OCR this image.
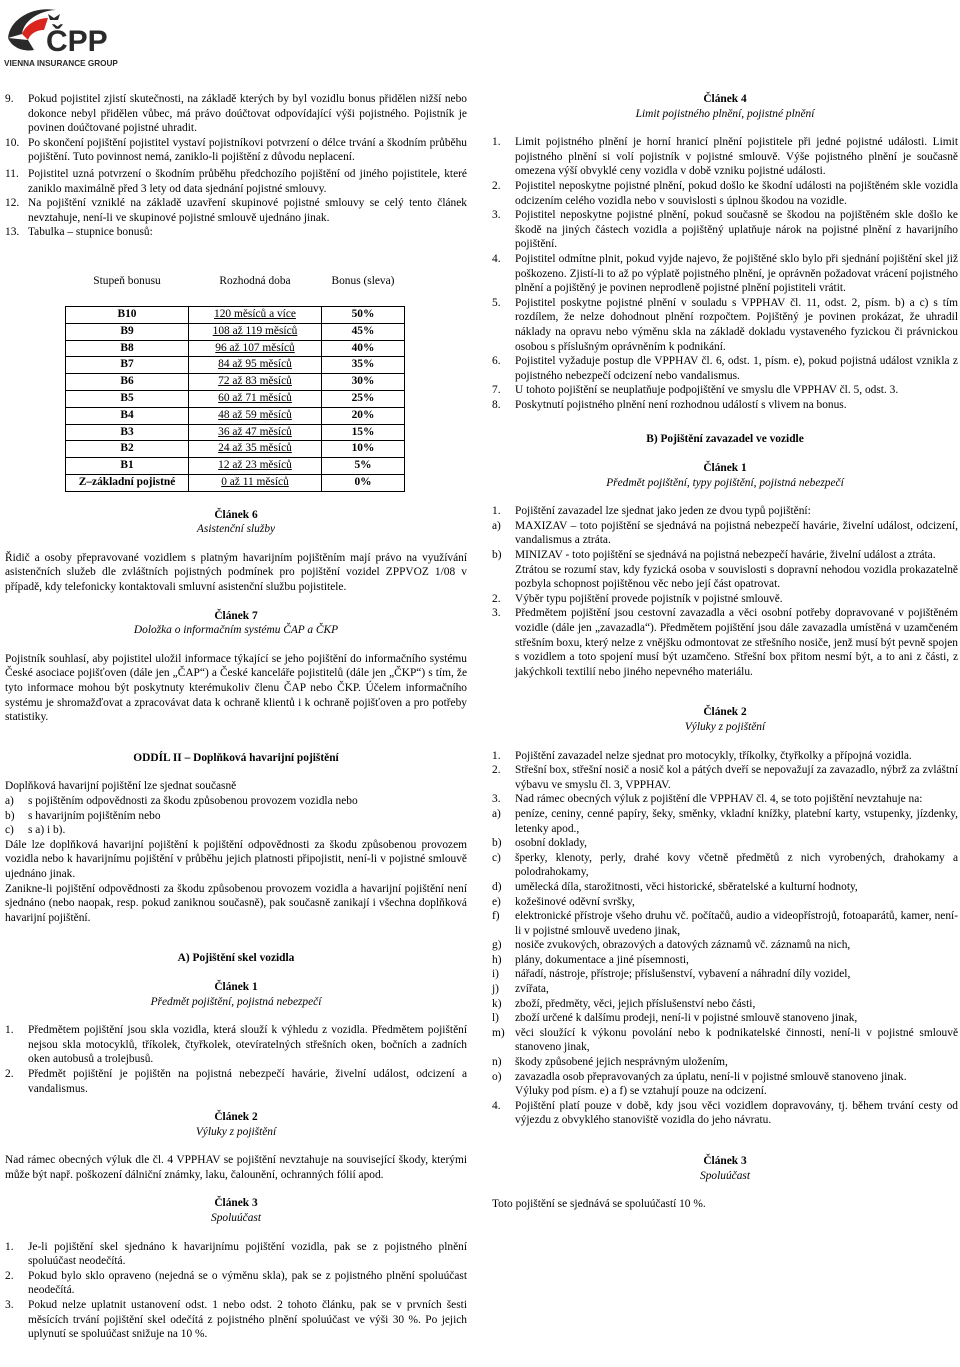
ČPP
VIENNA INSURANCE GROUP
9.	Pokud pojistitel zjistí skutečnosti, na základě kterých by byl vozidlu bonus přidělen nižší nebo dokonce nebyl přidělen vůbec, má právo doúčtovat odpovídající výši pojistného. Pojistník je povinen doúčtované pojistné uhradit.
10. Po skončení pojištění pojistitel vystaví pojistníkovi potvrzení o délce trvání a škodním průběhu pojištění. Tuto povinnost nemá, zaniklo-li pojištění z důvodu neplacení.
11. Pojistitel uzná potvrzení o škodním průběhu předchozího pojištění od jiného pojistitele, které zaniklo maximálně před 3 lety od data sjednání pojistné smlouvy.
12. Na pojištění vzniklé na základě uzavření skupinové pojistné smlouvy se celý tento článek nevztahuje, není-li ve skupinové pojistné smlouvě ujednáno jinak.
13. Tabulka – stupnice bonusů:
Stupeň bonusu	Rozhodná doba	Bonus (sleva)
B10	120 měsíců a více	50%
B9	108 až 119 měsíců	45%
B8	96 až 107 měsíců	40%
B7	84 až 95 měsíců	35%
B6	72 až 83 měsíců	30%
B5	60 až 71 měsíců	25%
B4	48 až 59 měsíců	20%
B3	36 až 47 měsíců	15%
B2	24 až 35 měsíců	10%
B1	12 až 23 měsíců	5%
Z–základní pojistné	0 až 11 měsíců	0%

Článek 6

Asistenční služby

Řidič a osoby přepravované vozidlem s platným havarijním pojištěním mají právo na využívání asistenčních služeb dle zvláštních pojistných podmínek pro pojištění vozidel ZPPVOZ 1/08 v případě, kdy telefonicky kontaktovali smluvní asistenční službu pojistitele.

Článek 7

Doložka o informačním systému ČAP a ČKP

Pojistník souhlasí, aby pojistitel uložil informace týkající se jeho pojištění do informačního systému České asociace pojišťoven (dále jen „ČAP“) a České kanceláře pojistitelů (dále jen „ČKP“) s tím, že tyto informace mohou být poskytnuty kterémukoliv členu ČAP nebo ČKP. Účelem informačního systému je shromažďovat a zpracovávat data k ochraně klientů i k ochraně pojišťoven a pro potřeby statistiky.

ODDÍL II – Doplňková havarijní pojištění

Doplňková havarijní pojištění lze sjednat současně

a)	s pojištěním odpovědnosti za škodu způsobenou provozem vozidla nebo
b)	s havarijním pojištěním nebo
c)	s a) i b).

Dále lze doplňková havarijní pojištění k pojištění odpovědnosti za škodu způsobenou provozem vozidla nebo k havarijnímu pojištění v průběhu jejich platnosti připojistit, není-li v pojistné smlouvě ujednáno jinak.

Zanikne-li pojištění odpovědnosti za škodu způsobenou provozem vozidla a havarijní pojištění není sjednáno (nebo naopak, resp. pokud zaniknou současně), pak současně zanikají i všechna doplňková havarijní pojištění.

A) Pojištění skel vozidla

Článek 1

Předmět pojištění, pojistná nebezpečí

1.	Předmětem pojištění jsou skla vozidla, která slouží k výhledu z vozidla. Předmětem pojištění nejsou skla motocyklů, tříkolek, čtyřkolek, otevíratelných střešních oken, bočních a zadních oken autobusů a trolejbusů.
2.	Předmět pojištění je pojištěn na pojistná nebezpečí havárie, živelní událost, odcizení a vandalismus.

Článek 2

Výluky z pojištění

Nad rámec obecných výluk dle čl. 4 VPPHAV se pojištění nevztahuje na související škody, kterými může být např. poškození dálniční známky, laku, čalounění, ochranných fólií apod.

Článek 3

Spoluúčast

1.	Je-li pojištění skel sjednáno k havarijnímu pojištění vozidla, pak se z pojistného plnění spoluúčast neodečítá.
2.	Pokud bylo sklo opraveno (nejedná se o výměnu skla), pak se z pojistného plnění spoluúčast neodečítá.
3.	Pokud nelze uplatnit ustanovení odst. 1 nebo odst. 2 tohoto článku, pak se v prvních šesti měsících trvání pojištění skel odečítá z pojistného plnění spoluúčast ve výši 30 %. Po jejich uplynutí se spoluúčast snižuje na 10 %.

Článek 4

Limit pojistného plnění, pojistné plnění

1.	Limit pojistného plnění je horní hranicí plnění pojistitele při jedné pojistné události. Limit pojistného plnění si volí pojistník v pojistné smlouvě. Výše pojistného plnění je současně omezena výší obvyklé ceny vozidla v době vzniku pojistné události.
2.	Pojistitel neposkytne pojistné plnění, pokud došlo ke škodní události na pojištěném skle vozidla odcizením celého vozidla nebo v souvislosti s úplnou škodou na vozidle.
3.	Pojistitel neposkytne pojistné plnění, pokud současně se škodou na pojištěném skle došlo ke škodě na jiných částech vozidla a pojištěný uplatňuje nárok na pojistné plnění z havarijního pojištění.
4.	Pojistitel odmítne plnit, pokud vyjde najevo, že pojištěné sklo bylo při sjednání pojištění skel již poškozeno. Zjistí-li to až po výplatě pojistného plnění, je oprávněn požadovat vrácení pojistného plnění a pojištěný je povinen neprodleně pojistné plnění pojistiteli vrátit.
5.	Pojistitel poskytne pojistné plnění v souladu s VPPHAV čl. 11, odst. 2, písm. b) a c) s tím rozdílem, že nelze dohodnout plnění rozpočtem. Pojištěný je povinen prokázat, že uhradil náklady na opravu nebo výměnu skla na základě dokladu vystaveného fyzickou či právnickou osobou s příslušným oprávněním k podnikání.
6.	Pojistitel vyžaduje postup dle VPPHAV čl. 6, odst. 1, písm. e), pokud pojistná událost vznikla z pojistného nebezpečí odcizení nebo vandalismus.
7.	U tohoto pojištění se neuplatňuje podpojištění ve smyslu dle VPPHAV čl. 5, odst. 3.
8.	Poskytnutí pojistného plnění není rozhodnou událostí s vlivem na bonus.

B) Pojištění zavazadel ve vozidle

Článek 1

Předmět pojištění, typy pojištění, pojistná nebezpečí

1.	Pojištění zavazadel lze sjednat jako jeden ze dvou typů pojištění:
a)	MAXIZAV – toto pojištění se sjednává na pojistná nebezpečí havárie, živelní událost, odcizení, vandalismus a ztráta.
b)	MINIZAV - toto pojištění se sjednává na pojistná nebezpečí havárie, živelní událost a ztráta.

Ztrátou se rozumí stav, kdy fyzická osoba v souvislosti s dopravní nehodou vozidla prokazatelně pozbyla schopnost pojištěnou věc nebo její část opatrovat.

2.	Výběr typu pojištění provede pojistník v pojistné smlouvě.
3.	Předmětem pojištění jsou cestovní zavazadla a věci osobní potřeby dopravované v pojištěném vozidle (dále jen „zavazadla“). Předmětem pojištění jsou dále zavazadla umístěná v uzamčeném střešním boxu, který nelze z vnějšku odmontovat ze střešního nosiče, jenž musí být pevně spojen s vozidlem a toto spojení musí být uzamčeno. Střešní box přitom nesmí být, a to ani z části, z jakýchkoli textilií nebo jiného nepevného materiálu.

Článek 2

Výluky z pojištění

1.	Pojištění zavazadel nelze sjednat pro motocykly, tříkolky, čtyřkolky a přípojná vozidla.
2.	Střešní box, střešní nosič a nosič kol a pátých dveří se nepovažují za zavazadlo, nýbrž za zvláštní výbavu ve smyslu čl. 3, VPPHAV.
3.	Nad rámec obecných výluk z pojištění dle VPPHAV čl. 4, se toto pojištění nevztahuje na:
a)	peníze, ceniny, cenné papíry, šeky, směnky, vkladní knížky, platební karty, vstupenky, jízdenky, letenky apod.,
b)	osobní doklady,
c)	šperky, klenoty, perly, drahé kovy včetně předmětů z nich vyrobených, drahokamy a polodrahokamy,
d)	umělecká díla, starožitnosti, věci historické, sběratelské a kulturní hodnoty,
e)	kožešinové oděvní svršky,
f)	elektronické přístroje všeho druhu vč. počítačů, audio a videopřístrojů, fotoaparátů, kamer, není-li v pojistné smlouvě uvedeno jinak,
g)	nosiče zvukových, obrazových a datových záznamů vč. záznamů na nich,
h)	plány, dokumentace a jiné písemnosti,
i)	nářadí, nástroje, přístroje; příslušenství, vybavení a náhradní díly vozidel,
j)	zvířata,
k)	zboží, předměty, věci, jejich příslušenství nebo části,
l)	zboží určené k dalšímu prodeji, není-li v pojistné smlouvě stanoveno jinak,
m) věci sloužící k výkonu povolání nebo k podnikatelské činnosti, není-li v pojistné smlouvě stanoveno jinak,
n)	škody způsobené jejich nesprávným uložením,
o)	zavazadla osob přepravovaných za úplatu, není-li v pojistné smlouvě stanoveno jinak.

Výluky pod písm. e) a f) se vztahují pouze na odcizení.

4.	Pojištění platí pouze v době, kdy jsou věci vozidlem dopravovány, tj. během trvání cesty od výjezdu z obvyklého stanoviště vozidla do jeho návratu.

Článek 3

Spoluúčast

Toto pojištění se sjednává se spoluúčastí 10 %.
